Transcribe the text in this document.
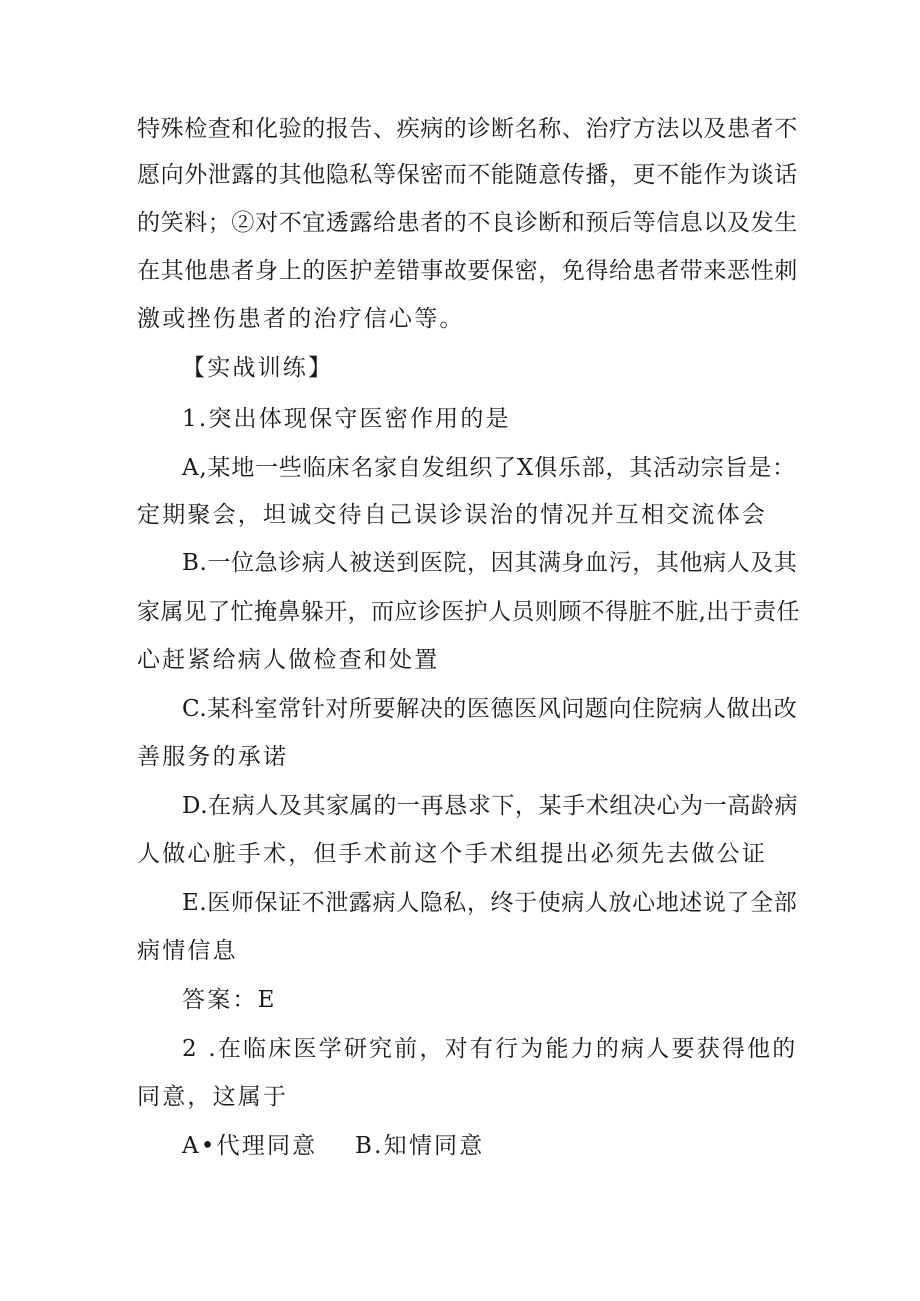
特殊检查和化验的报告、疾病的诊断名称、治疗方法以及患者不
愿向外泄露的其他隐私等保密而不能随意传播，更不能作为谈话
的笑料；②对不宜透露给患者的不良诊断和预后等信息以及发生
在其他患者身上的医护差错事故要保密，免得给患者带来恶性刺
激或挫伤患者的治疗信心等。
【实战训练】
1.突出体现保守医密作用的是
A,某地一些临床名家自发组织了X俱乐部，其活动宗旨是：
定期聚会，坦诚交待自己误诊误治的情况并互相交流体会
B.一位急诊病人被送到医院，因其满身血污，其他病人及其
家属见了忙掩鼻躲开，而应诊医护人员则顾不得脏不脏,出于责任
心赶紧给病人做检查和处置
C.某科室常针对所要解决的医德医风问题向住院病人做出改
善服务的承诺
D.在病人及其家属的一再恳求下，某手术组决心为一高龄病
人做心脏手术，但手术前这个手术组提出必须先去做公证
E.医师保证不泄露病人隐私，终于使病人放心地述说了全部
病情信息
答案：E
2 .在临床医学研究前，对有行为能力的病人要获得他的
同意，这属于
A•代理同意 B.知情同意
